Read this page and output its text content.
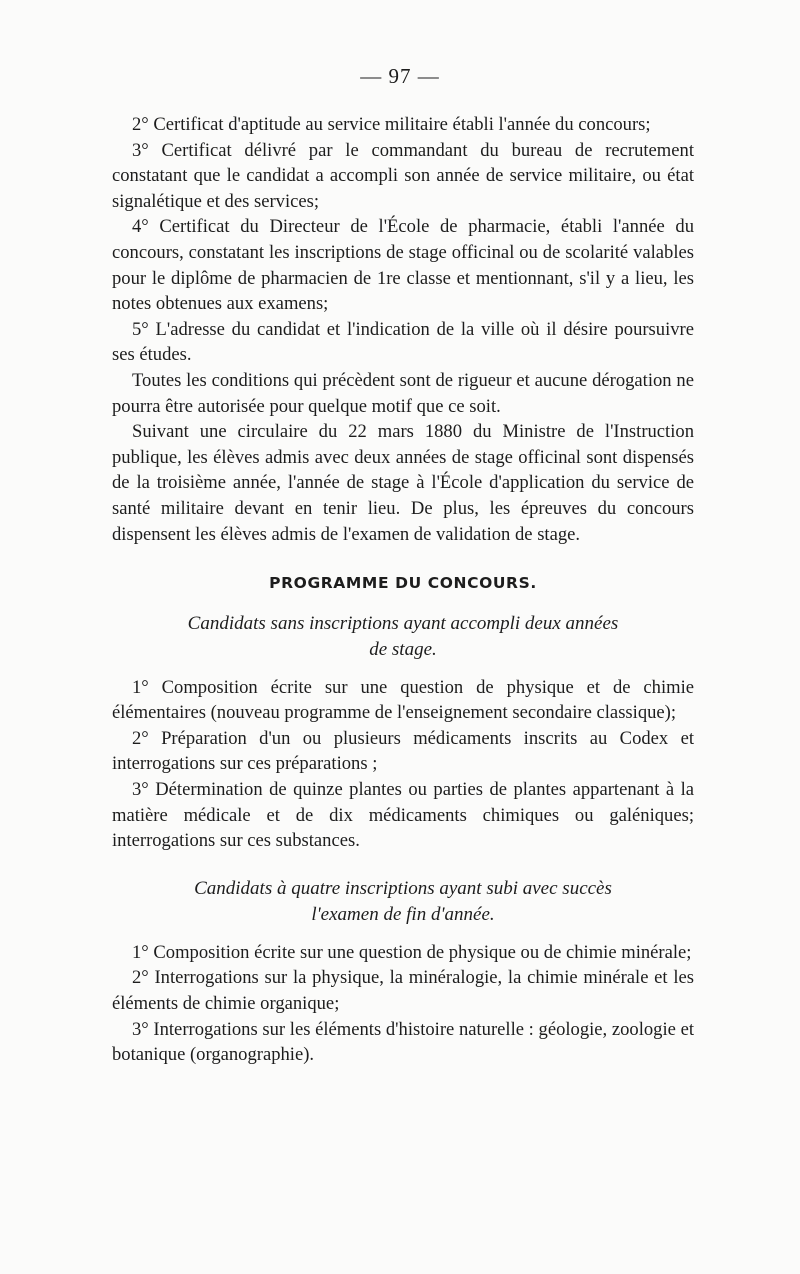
— 97 —

2° Certificat d'aptitude au service militaire établi l'année du concours;

3° Certificat délivré par le commandant du bureau de recrutement constatant que le candidat a accompli son année de service militaire, ou état signalétique et des services;

4° Certificat du Directeur de l'École de pharmacie, établi l'année du concours, constatant les inscriptions de stage officinal ou de scolarité valables pour le diplôme de pharmacien de 1re classe et mentionnant, s'il y a lieu, les notes obtenues aux examens;

5° L'adresse du candidat et l'indication de la ville où il désire poursuivre ses études.

Toutes les conditions qui précèdent sont de rigueur et aucune dérogation ne pourra être autorisée pour quelque motif que ce soit.

Suivant une circulaire du 22 mars 1880 du Ministre de l'Instruction publique, les élèves admis avec deux années de stage officinal sont dispensés de la troisième année, l'année de stage à l'École d'application du service de santé militaire devant en tenir lieu. De plus, les épreuves du concours dispensent les élèves admis de l'examen de validation de stage.

PROGRAMME DU CONCOURS.
Candidats sans inscriptions ayant accompli deux années
de stage.

1° Composition écrite sur une question de physique et de chimie élémentaires (nouveau programme de l'enseignement secondaire classique);

2° Préparation d'un ou plusieurs médicaments inscrits au Codex et interrogations sur ces préparations ;

3° Détermination de quinze plantes ou parties de plantes appartenant à la matière médicale et de dix médicaments chimiques ou galéniques; interrogations sur ces substances.

Candidats à quatre inscriptions ayant subi avec succès
l'examen de fin d'année.

1° Composition écrite sur une question de physique ou de chimie minérale;

2° Interrogations sur la physique, la minéralogie, la chimie minérale et les éléments de chimie organique;

3° Interrogations sur les éléments d'histoire naturelle : géologie, zoologie et botanique (organographie).
